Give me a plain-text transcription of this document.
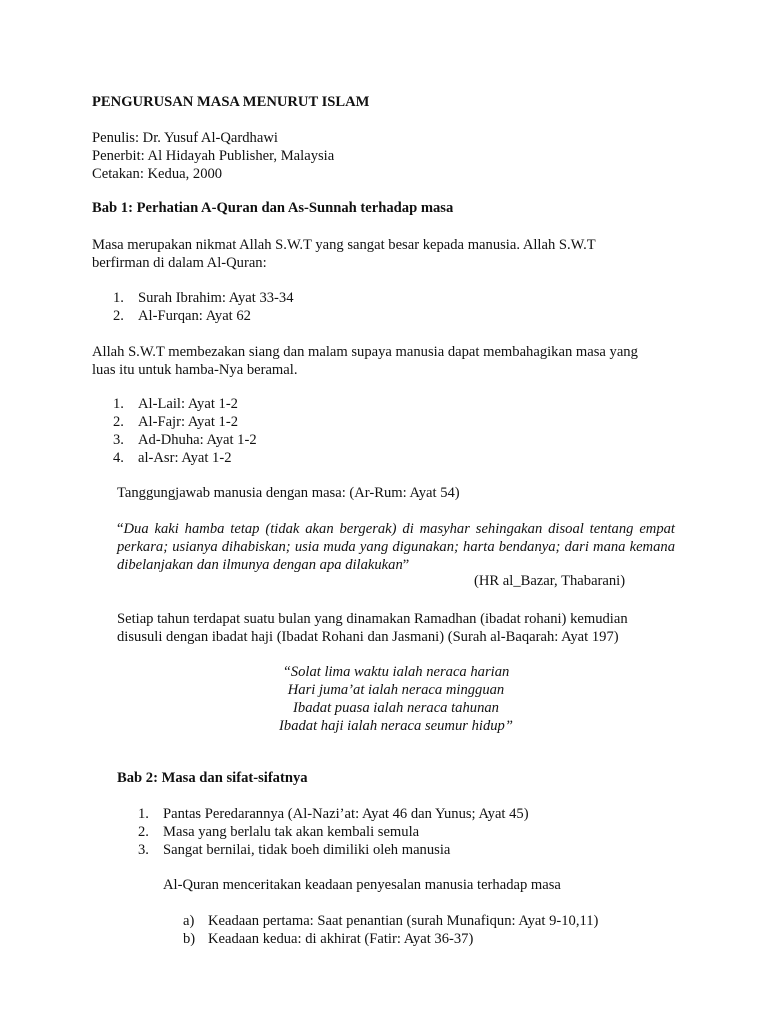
PENGURUSAN MASA MENURUT ISLAM

Penulis: Dr. Yusuf Al-Qardhawi

Penerbit: Al Hidayah Publisher, Malaysia

Cetakan: Kedua, 2000

Bab 1: Perhatian A-Quran dan As-Sunnah terhadap masa

Masa merupakan nikmat Allah S.W.T yang sangat besar kepada manusia. Allah S.W.T

berfirman di dalam Al-Quran:

1. Surah Ibrahim: Ayat 33-34
2. Al-Furqan: Ayat 62

Allah S.W.T membezakan siang dan malam supaya manusia dapat membahagikan masa yang

luas itu untuk hamba-Nya beramal.

1. Al-Lail: Ayat 1-2
2. Al-Fajr: Ayat 1-2
3. Ad-Dhuha: Ayat 1-2
4. al-Asr: Ayat 1-2

Tanggungjawab manusia dengan masa: (Ar-Rum: Ayat 54)

“Dua kaki hamba tetap (tidak akan bergerak) di masyhar sehingakan disoal tentang empat perkara; usianya dihabiskan; usia muda yang digunakan; harta bendanya; dari mana kemana dibelanjakan dan ilmunya dengan apa dilakukan”

(HR al_Bazar, Thabarani)

Setiap tahun terdapat suatu bulan yang dinamakan Ramadhan (ibadat rohani) kemudian

disusuli dengan ibadat haji (Ibadat Rohani dan Jasmani) (Surah al-Baqarah: Ayat 197)

“Solat lima waktu ialah neraca harian

Hari juma’at ialah neraca mingguan

Ibadat puasa ialah neraca tahunan

Ibadat haji ialah neraca seumur hidup”

Bab 2: Masa dan sifat-sifatnya

1. Pantas Peredarannya (Al-Nazi’at: Ayat 46 dan Yunus; Ayat 45)
2. Masa yang berlalu tak akan kembali semula
3. Sangat bernilai, tidak boeh dimiliki oleh manusia

Al-Quran menceritakan keadaan penyesalan manusia terhadap masa

a) Keadaan pertama: Saat penantian (surah Munafiqun: Ayat 9-10,11)
b) Keadaan kedua: di akhirat (Fatir: Ayat 36-37)
